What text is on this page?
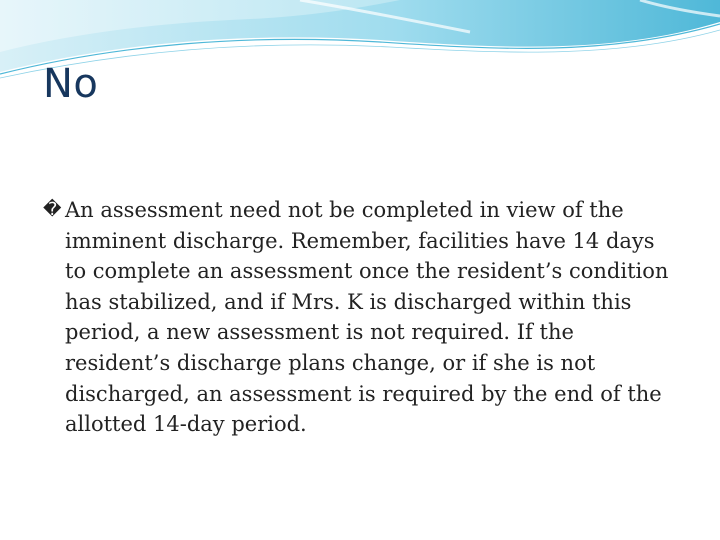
No

� An assessment need not be completed in view of the imminent discharge. Remember, facilities have 14 days to complete an assessment once the resident’s condition has stabilized, and if Mrs. K is discharged within this period, a new assessment is not required. If the resident’s discharge plans change, or if she is not discharged, an assessment is required by the end of the allotted 14-day period.
